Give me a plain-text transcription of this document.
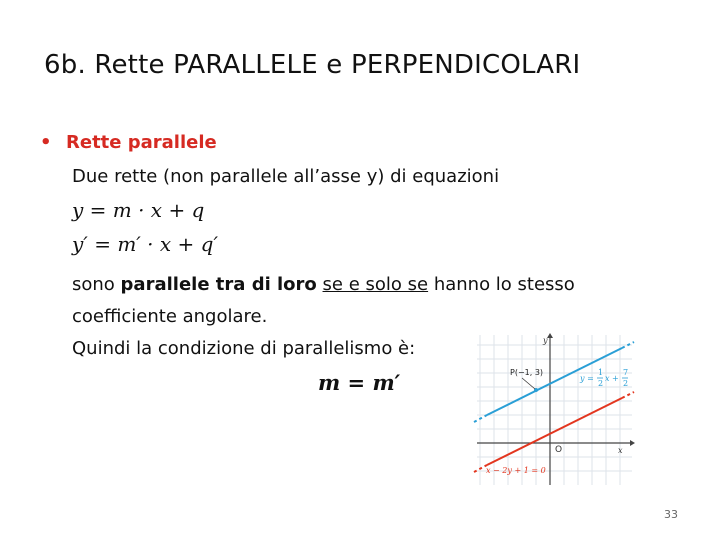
6b. Rette PARALLELE e PERPENDICOLARI
• Rette parallele
Due rette (non parallele all’asse y) di equazioni
y = m · x + q
y′ = m′ · x + q′
sono parallele tra di loro se e solo se hanno lo stesso
coefficiente angolare.
Quindi la condizione di parallelismo è:
m = m′
x
y
O
P(−1, 3)
y =
1
2
x +
7
2
x − 2y + 1 = 0
33
